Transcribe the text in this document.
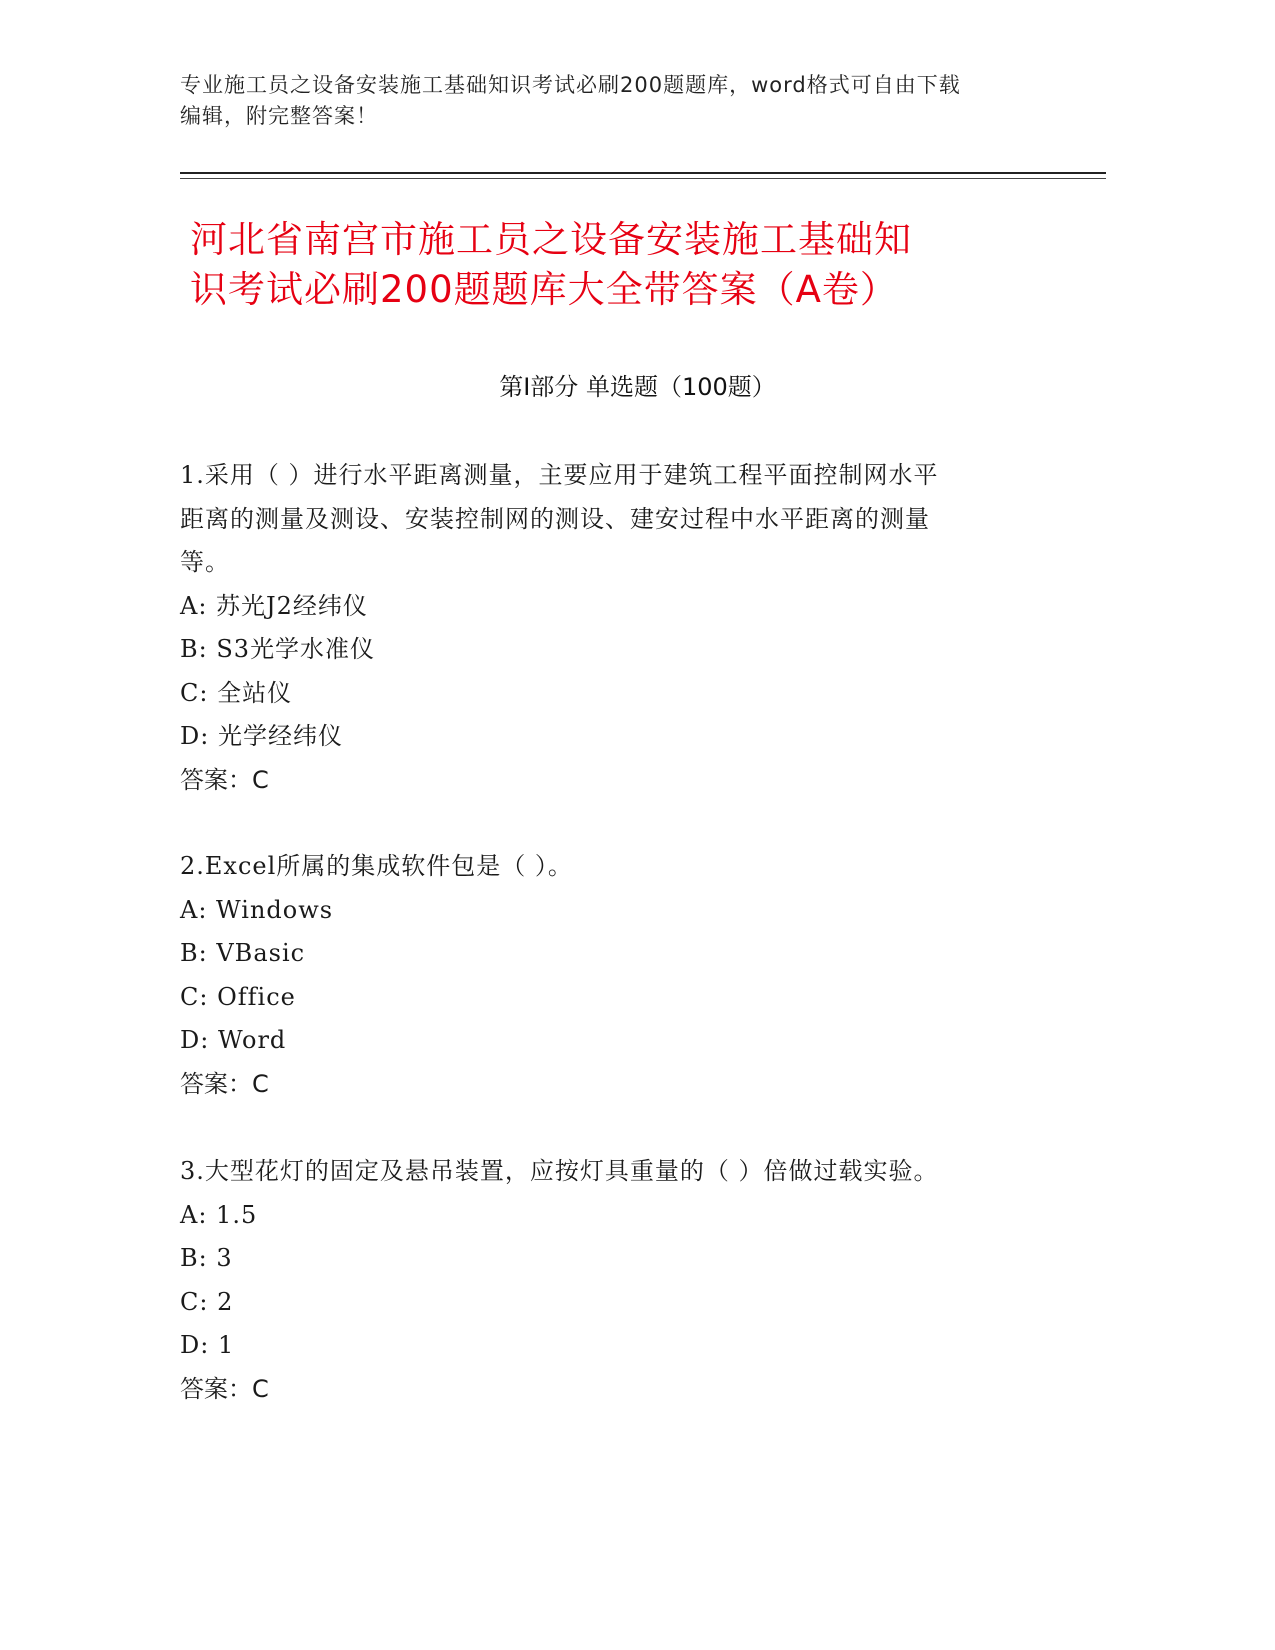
专业施工员之设备安装施工基础知识考试必刷200题题库，word格式可自由下载
编辑，附完整答案！
河北省南宫市施工员之设备安装施工基础知
识考试必刷200题题库大全带答案（A卷）
第Ⅰ部分 单选题（100题）
1.采用（ ）进行水平距离测量，主要应用于建筑工程平面控制网水平
距离的测量及测设、安装控制网的测设、建安过程中水平距离的测量
等。
A: 苏光J2经纬仪
B: S3光学水准仪
C: 全站仪
D: 光学经纬仪
答案：C
2.Excel所属的集成软件包是（ ）。
A: Windows
B: VBasic
C: Office
D: Word
答案：C
3.大型花灯的固定及悬吊装置，应按灯具重量的（ ）倍做过载实验。
A: 1.5
B: 3
C: 2
D: 1
答案：C
